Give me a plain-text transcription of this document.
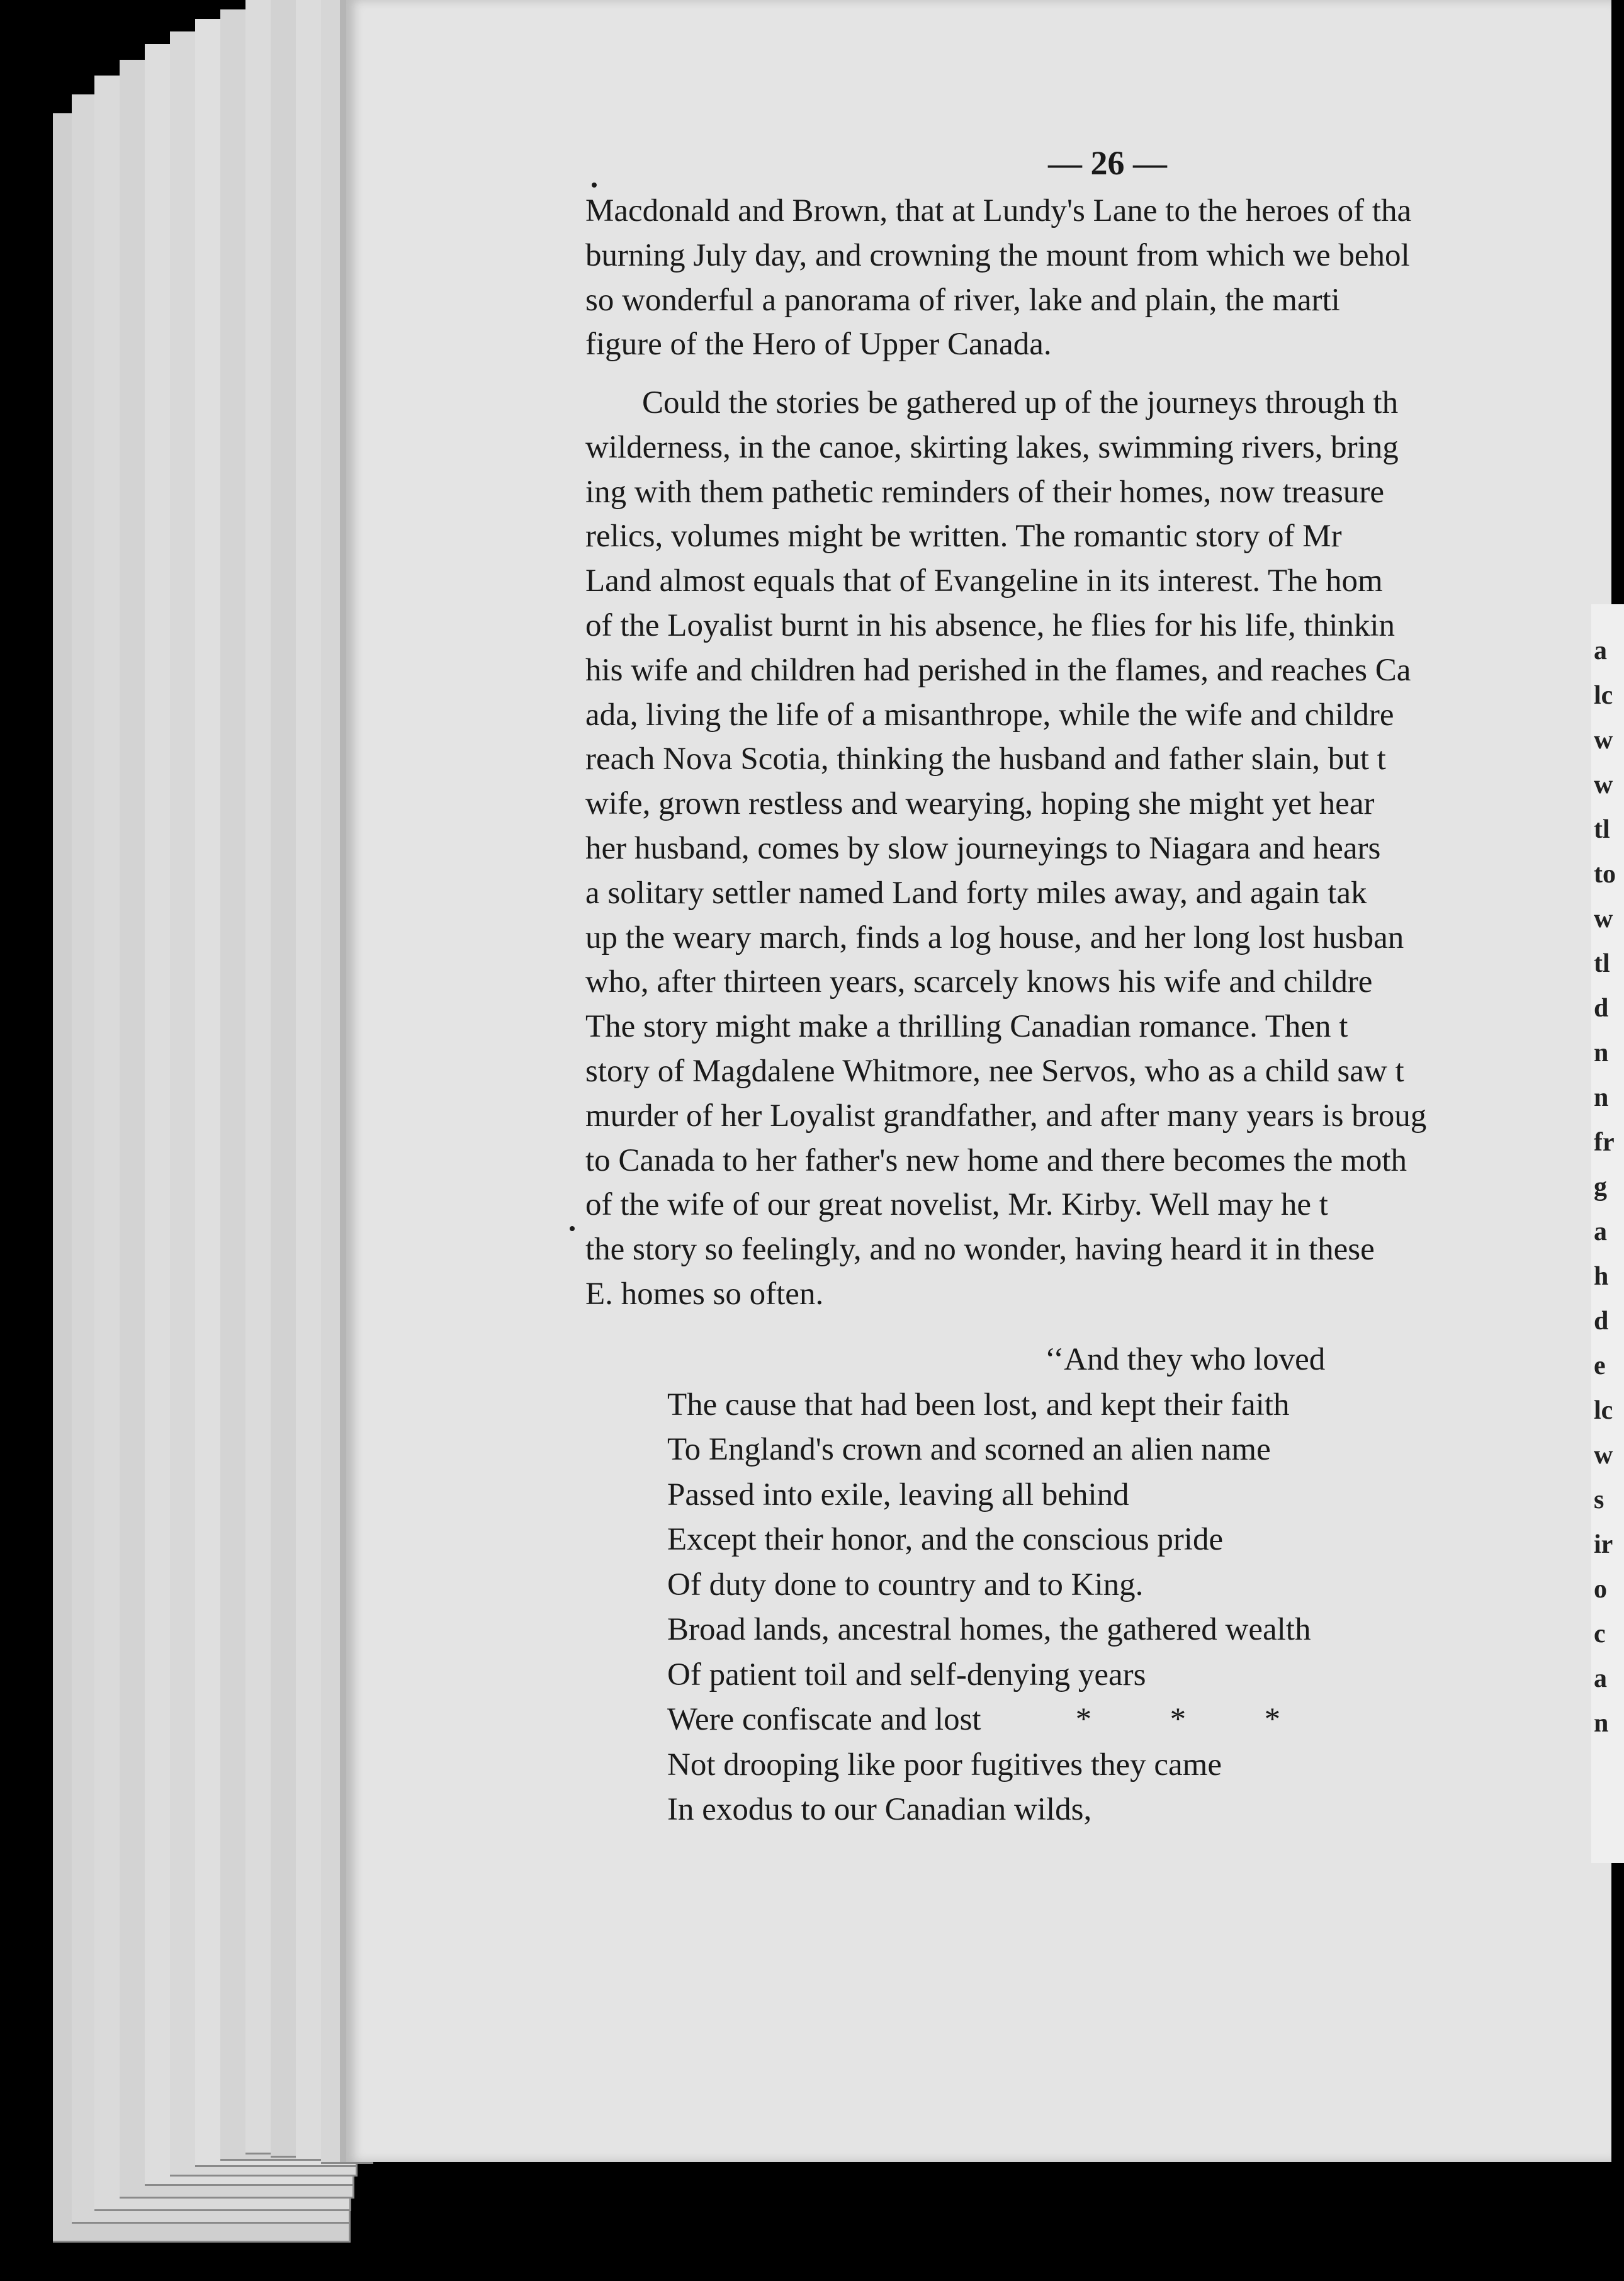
— 26 —

Macdonald and Brown, that at Lundy's Lane to the heroes of tha

burning July day, and crowning the mount from which we behol

so wonderful a panorama of river, lake and plain, the marti

figure of the Hero of Upper Canada.

Could the stories be gathered up of the journeys through th

wilderness, in the canoe, skirting lakes, swimming rivers, bring

ing with them pathetic reminders of their homes, now treasure

relics, volumes might be written. The romantic story of Mr

Land almost equals that of Evangeline in its interest. The hom

of the Loyalist burnt in his absence, he flies for his life, thinkin

his wife and children had perished in the flames, and reaches Ca

ada, living the life of a misanthrope, while the wife and childre

reach Nova Scotia, thinking the husband and father slain, but t

wife, grown restless and wearying, hoping she might yet hear

her husband, comes by slow journeyings to Niagara and hears

a solitary settler named Land forty miles away, and again tak

up the weary march, finds a log house, and her long lost husban

who, after thirteen years, scarcely knows his wife and childre

The story might make a thrilling Canadian romance. Then t

story of Magdalene Whitmore, nee Servos, who as a child saw t

murder of her Loyalist grandfather, and after many years is broug

to Canada to her father's new home and there becomes the moth

of the wife of our great novelist, Mr. Kirby. Well may he t

the story so feelingly, and no wonder, having heard it in these

E. homes so often.

‘‘And they who loved

The cause that had been lost, and kept their faith

To England's crown and scorned an alien name

Passed into exile, leaving all behind

Except their honor, and the conscious pride

Of duty done to country and to King.

Broad lands, ancestral homes, the gathered wealth

Of patient toil and self-denying years

Were confiscate and lost	* * *

Not drooping like poor fugitives they came

In exodus to our Canadian wilds,

a
lc
w
w
tl
to
w
tl
d
n
n
fr
g
a
h
d
e
lc
w
s
ir
o
c
a
n
